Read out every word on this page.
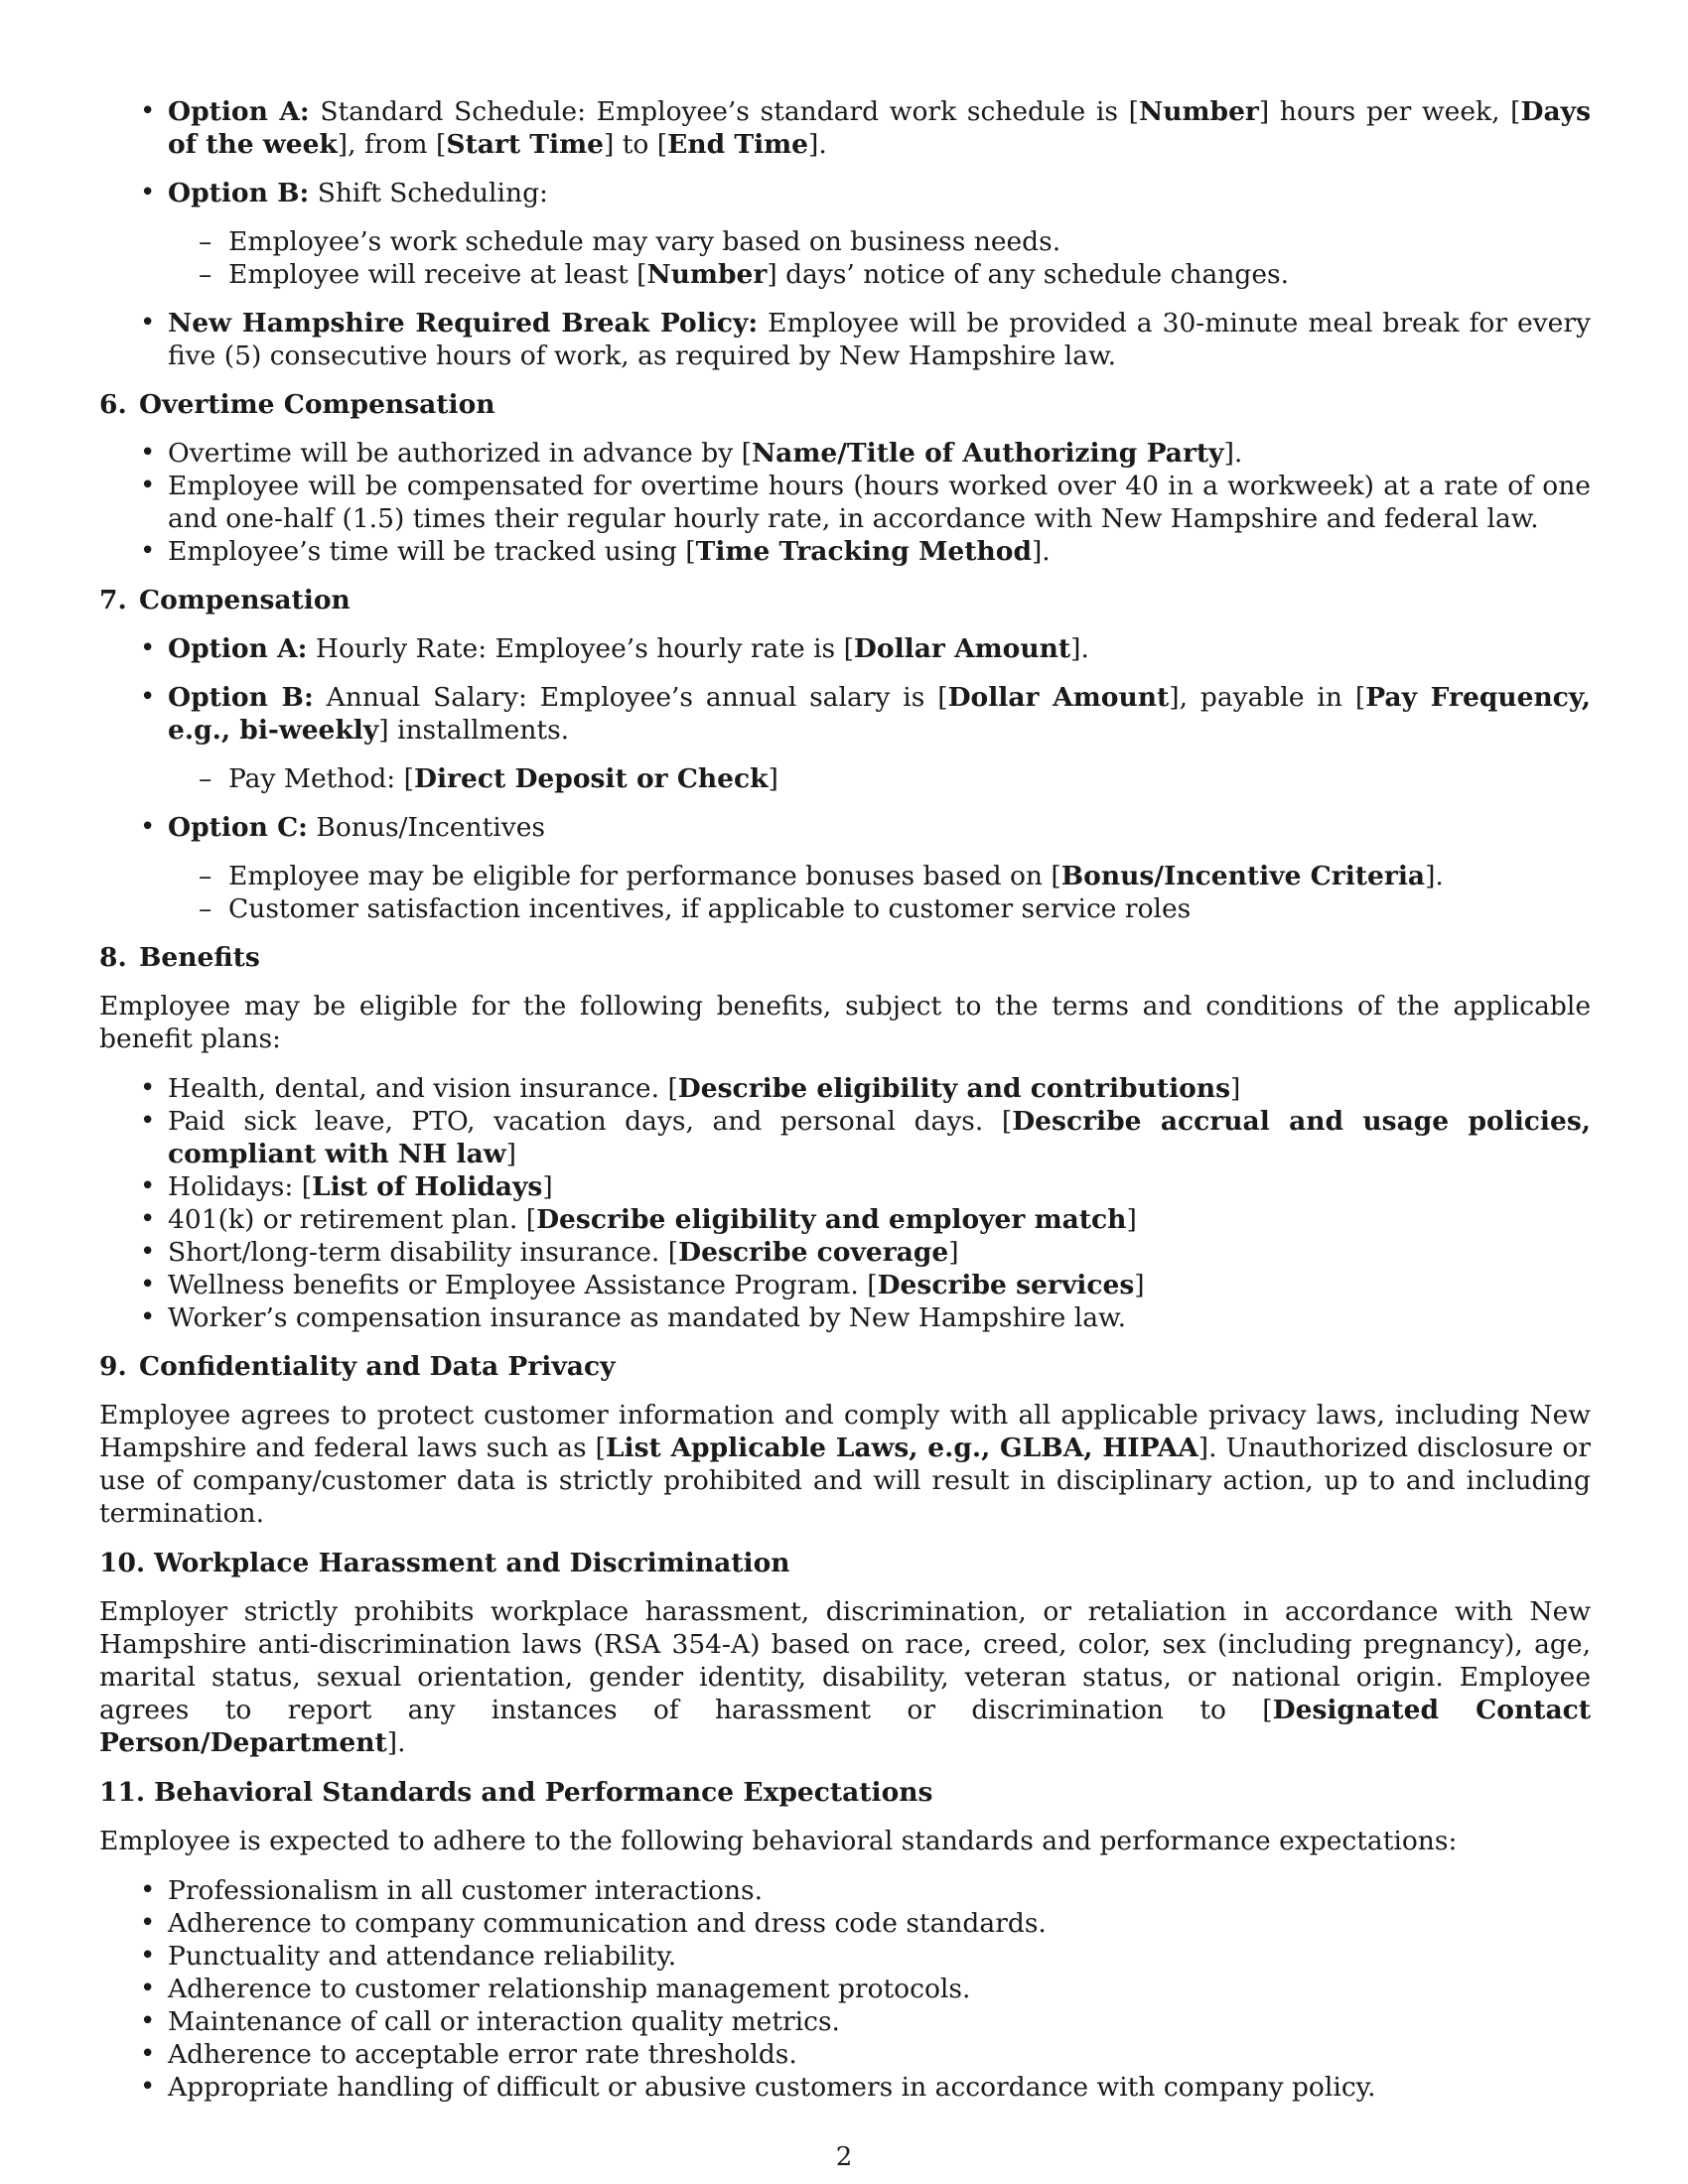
• Option A: Standard Schedule: Employee’s standard work schedule is [Number] hours per week, [Days of the week], from [Start Time] to [End Time].
• Option B: Shift Scheduling:
– Employee’s work schedule may vary based on business needs.
– Employee will receive at least [Number] days’ notice of any schedule changes.
• New Hampshire Required Break Policy: Employee will be provided a 30-minute meal break for every five (5) consecutive hours of work, as required by New Hampshire law.
6. Overtime Compensation
• Overtime will be authorized in advance by [Name/Title of Authorizing Party].
• Employee will be compensated for overtime hours (hours worked over 40 in a workweek) at a rate of one and one-half (1.5) times their regular hourly rate, in accordance with New Hampshire and federal law.
• Employee’s time will be tracked using [Time Tracking Method].
7. Compensation
• Option A: Hourly Rate: Employee’s hourly rate is [Dollar Amount].
• Option B: Annual Salary: Employee’s annual salary is [Dollar Amount], payable in [Pay Frequency, e.g., bi-weekly] installments.
– Pay Method: [Direct Deposit or Check]
• Option C: Bonus/Incentives
– Employee may be eligible for performance bonuses based on [Bonus/Incentive Criteria].
– Customer satisfaction incentives, if applicable to customer service roles
8. Benefits
Employee may be eligible for the following benefits, subject to the terms and conditions of the applicable benefit plans:
• Health, dental, and vision insurance. [Describe eligibility and contributions]
• Paid sick leave, PTO, vacation days, and personal days. [Describe accrual and usage policies, compliant with NH law]
• Holidays: [List of Holidays]
• 401(k) or retirement plan. [Describe eligibility and employer match]
• Short/long-term disability insurance. [Describe coverage]
• Wellness benefits or Employee Assistance Program. [Describe services]
• Worker’s compensation insurance as mandated by New Hampshire law.
9. Confidentiality and Data Privacy
Employee agrees to protect customer information and comply with all applicable privacy laws, including New Hampshire and federal laws such as [List Applicable Laws, e.g., GLBA, HIPAA]. Unauthorized disclosure or use of company/customer data is strictly prohibited and will result in disciplinary action, up to and including termination.
10. Workplace Harassment and Discrimination
Employer strictly prohibits workplace harassment, discrimination, or retaliation in accordance with New Hampshire anti-discrimination laws (RSA 354-A) based on race, creed, color, sex (including pregnancy), age, marital status, sexual orientation, gender identity, disability, veteran status, or national origin. Employee agrees to report any instances of harassment or discrimination to [Designated Contact Person/Department].
11. Behavioral Standards and Performance Expectations
Employee is expected to adhere to the following behavioral standards and performance expectations:
• Professionalism in all customer interactions.
• Adherence to company communication and dress code standards.
• Punctuality and attendance reliability.
• Adherence to customer relationship management protocols.
• Maintenance of call or interaction quality metrics.
• Adherence to acceptable error rate thresholds.
• Appropriate handling of difficult or abusive customers in accordance with company policy.
2
